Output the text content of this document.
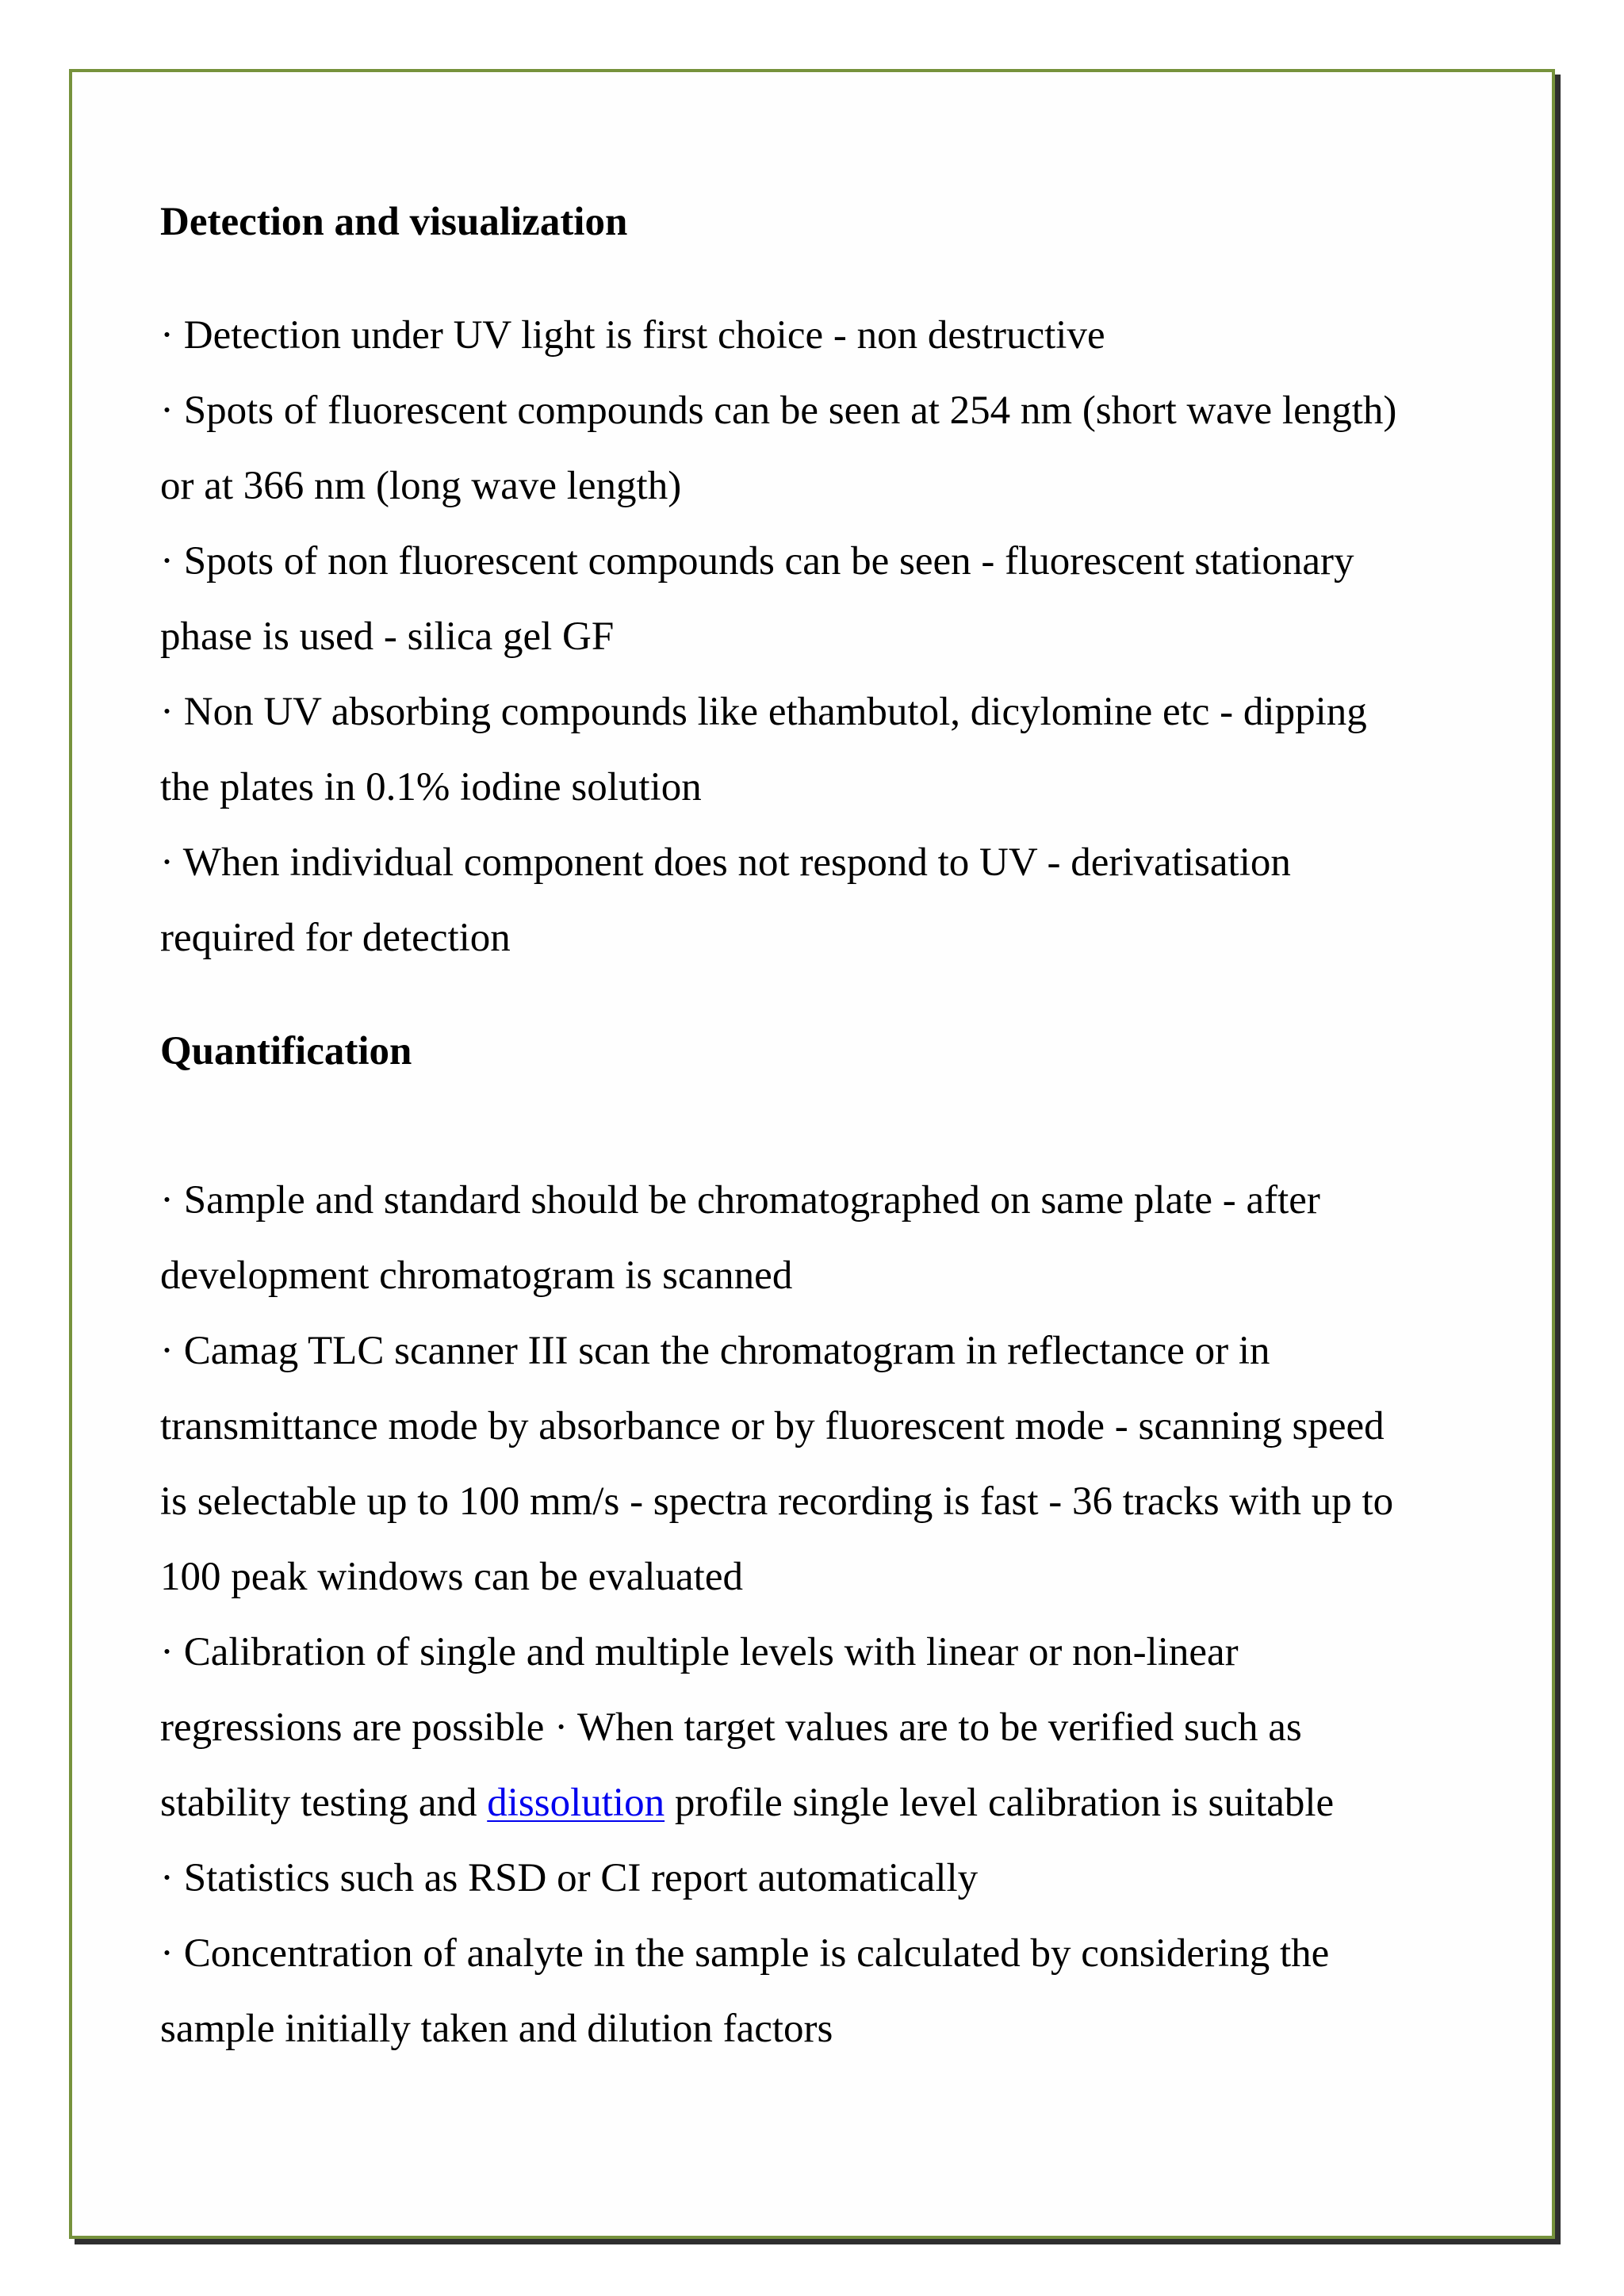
Detection and visualization

· Detection under UV light is first choice - non destructive

· Spots of fluorescent compounds can be seen at 254 nm (short wave length)

or at 366 nm (long wave length)

· Spots of non fluorescent compounds can be seen - fluorescent stationary

phase is used - silica gel GF

· Non UV absorbing compounds like ethambutol, dicylomine etc - dipping

the plates in 0.1% iodine solution

· When individual component does not respond to UV - derivatisation

required for detection

Quantification

· Sample and standard should be chromatographed on same plate - after

development chromatogram is scanned

· Camag TLC scanner III scan the chromatogram in reflectance or in

transmittance mode by absorbance or by fluorescent mode - scanning speed

is selectable up to 100 mm/s - spectra recording is fast - 36 tracks with up to

100 peak windows can be evaluated

· Calibration of single and multiple levels with linear or non-linear

regressions are possible · When target values are to be verified such as

stability testing and dissolution profile single level calibration is suitable

· Statistics such as RSD or CI report automatically

· Concentration of analyte in the sample is calculated by considering the

sample initially taken and dilution factors
